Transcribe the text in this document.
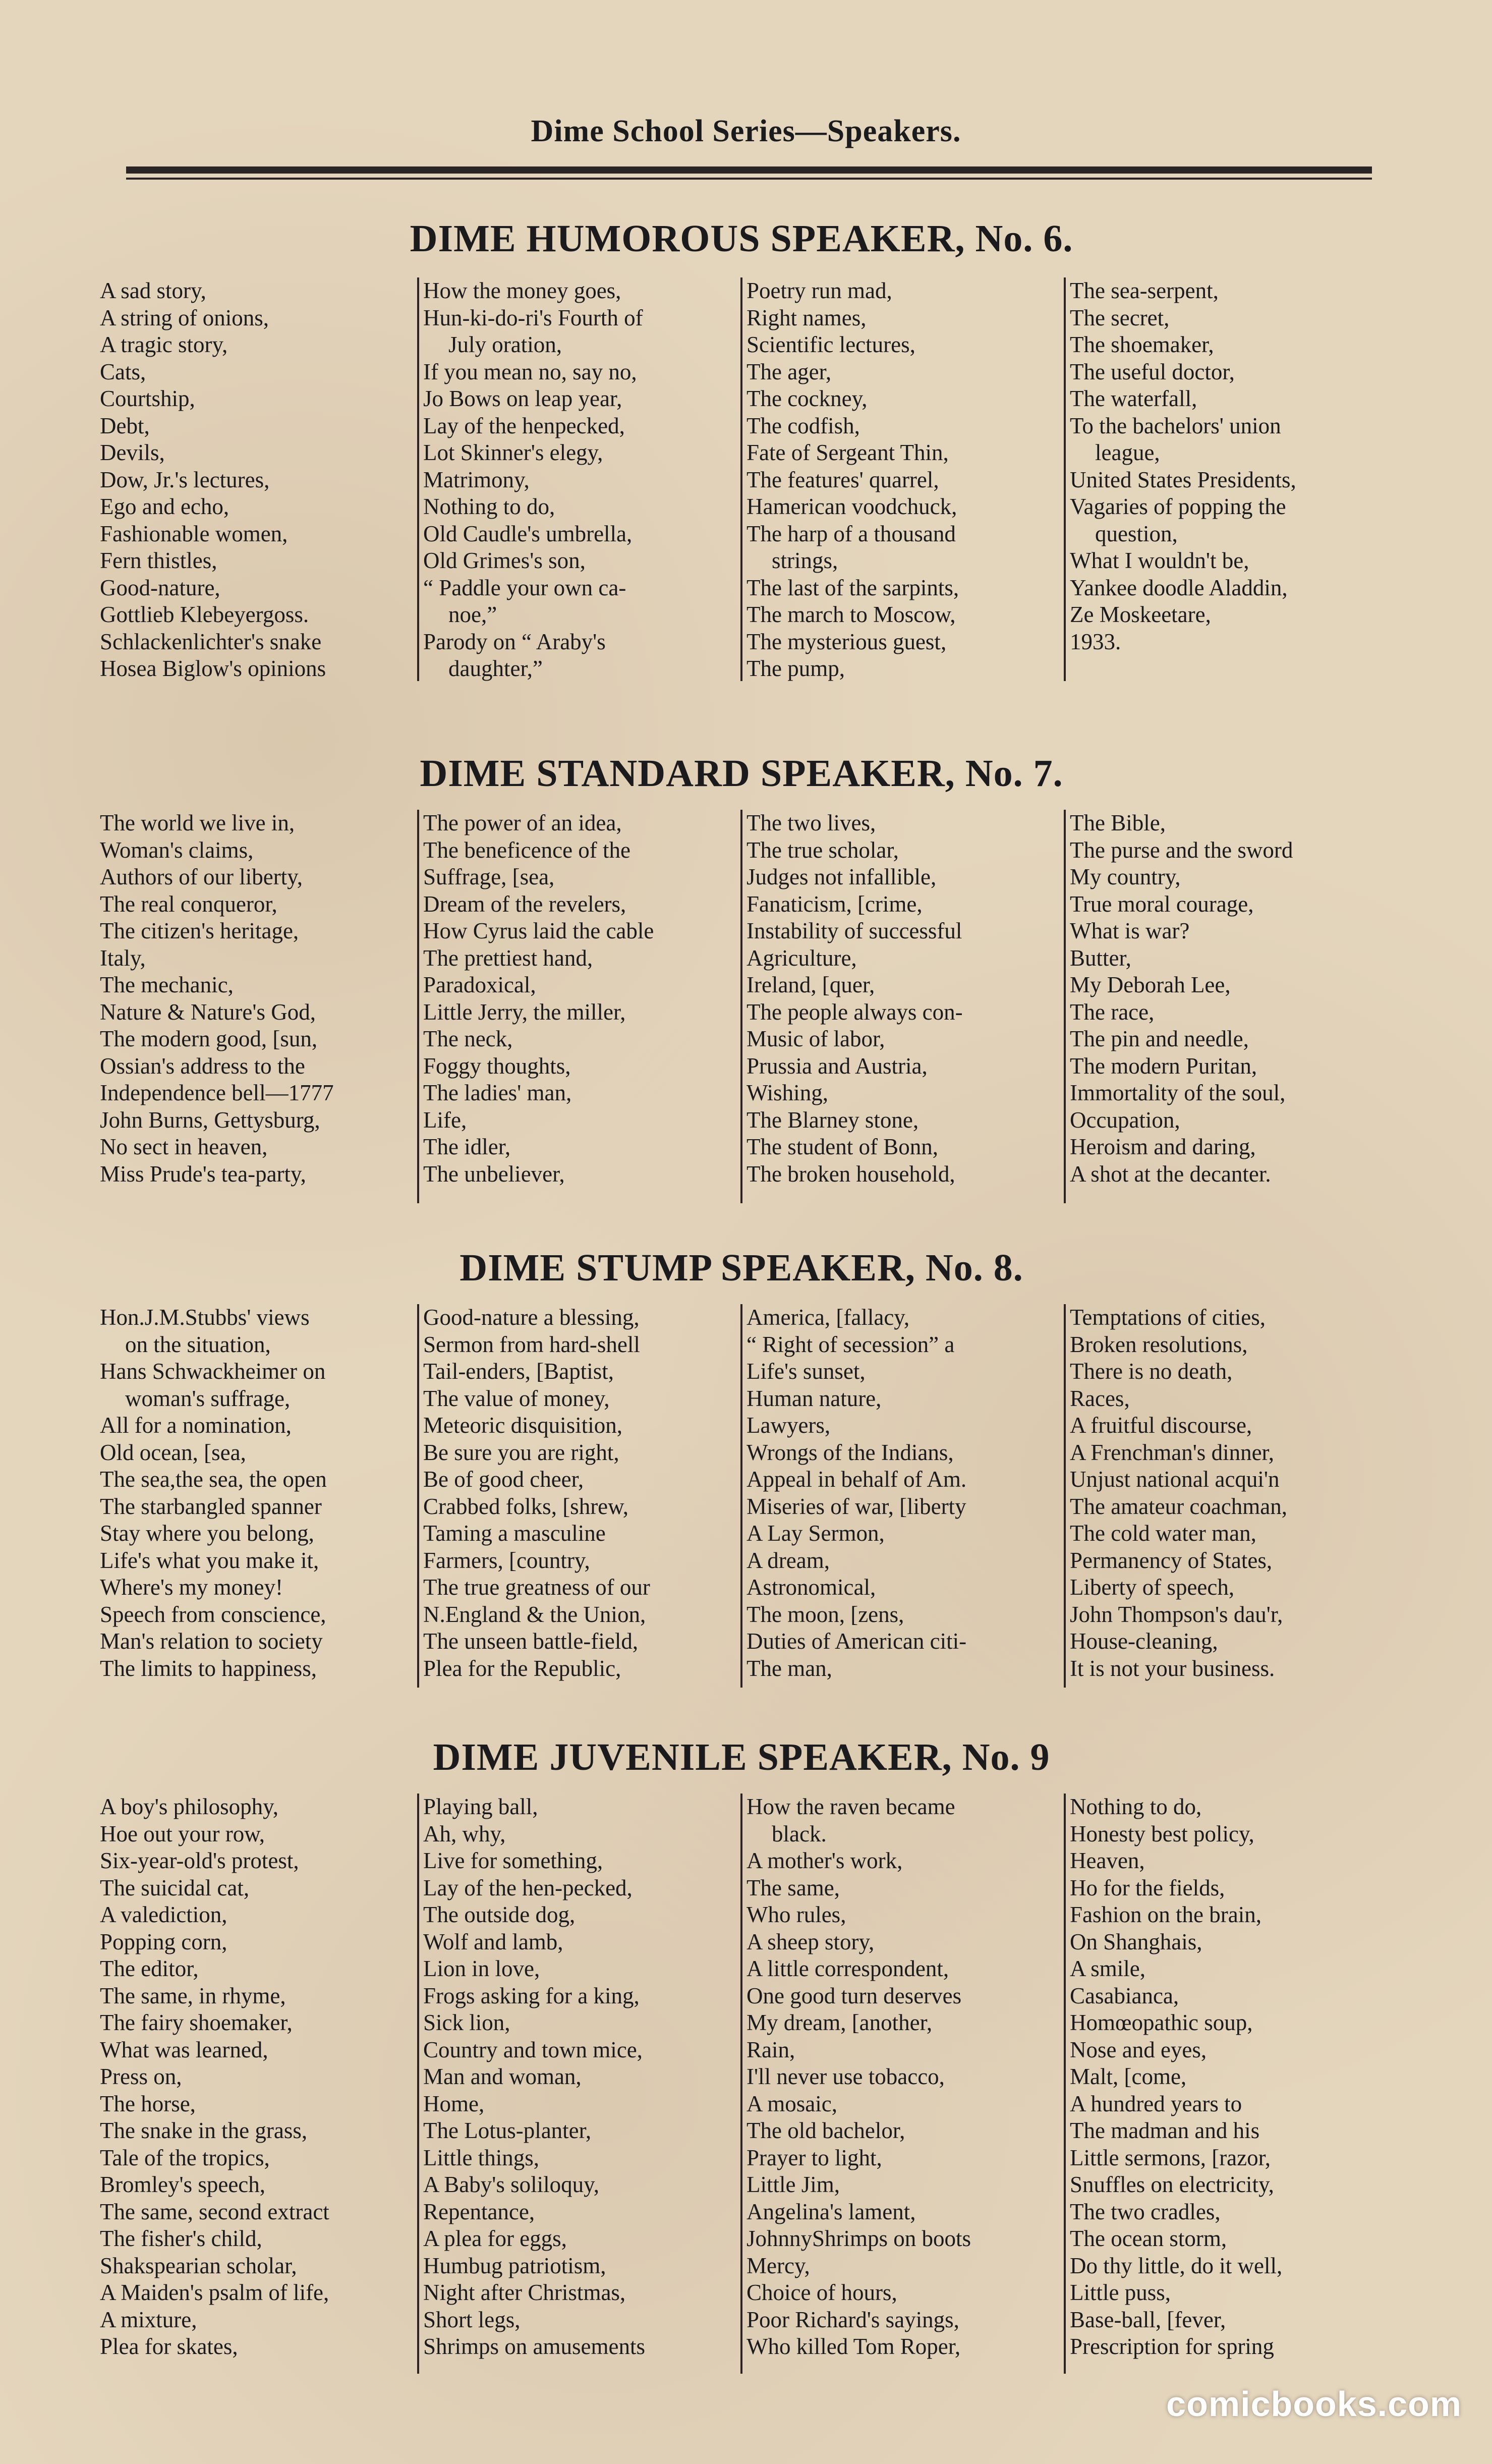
Dime School Series—Speakers.
DIME HUMOROUS SPEAKER, No. 6.
A sad story,
A string of onions,
A tragic story,
Cats,
Courtship,
Debt,
Devils,
Dow, Jr.'s lectures,
Ego and echo,
Fashionable women,
Fern thistles,
Good-nature,
Gottlieb Klebeyergoss.
Schlackenlichter's snake
Hosea Biglow's opinions
How the money goes,
Hun-ki-do-ri's Fourth of
July oration,
If you mean no, say no,
Jo Bows on leap year,
Lay of the henpecked,
Lot Skinner's elegy,
Matrimony,
Nothing to do,
Old Caudle's umbrella,
Old Grimes's son,
“ Paddle your own ca-
noe,”
Parody on “ Araby's
daughter,”
Poetry run mad,
Right names,
Scientific lectures,
The ager,
The cockney,
The codfish,
Fate of Sergeant Thin,
The features' quarrel,
Hamerican voodchuck,
The harp of a thousand
strings,
The last of the sarpints,
The march to Moscow,
The mysterious guest,
The pump,
The sea-serpent,
The secret,
The shoemaker,
The useful doctor,
The waterfall,
To the bachelors' union
league,
United States Presidents,
Vagaries of popping the
question,
What I wouldn't be,
Yankee doodle Aladdin,
Ze Moskeetare,
1933.
DIME STANDARD SPEAKER, No. 7.
The world we live in,
Woman's claims,
Authors of our liberty,
The real conqueror,
The citizen's heritage,
Italy,
The mechanic,
Nature & Nature's God,
The modern good, [sun,
Ossian's address to the
Independence bell—1777
John Burns, Gettysburg,
No sect in heaven,
Miss Prude's tea-party,
The power of an idea,
The beneficence of the
Suffrage, [sea,
Dream of the revelers,
How Cyrus laid the cable
The prettiest hand,
Paradoxical,
Little Jerry, the miller,
The neck,
Foggy thoughts,
The ladies' man,
Life,
The idler,
The unbeliever,
The two lives,
The true scholar,
Judges not infallible,
Fanaticism, [crime,
Instability of successful
Agriculture,
Ireland, [quer,
The people always con-
Music of labor,
Prussia and Austria,
Wishing,
The Blarney stone,
The student of Bonn,
The broken household,
The Bible,
The purse and the sword
My country,
True moral courage,
What is war?
Butter,
My Deborah Lee,
The race,
The pin and needle,
The modern Puritan,
Immortality of the soul,
Occupation,
Heroism and daring,
A shot at the decanter.
DIME STUMP SPEAKER, No. 8.
Hon.J.M.Stubbs' views
on the situation,
Hans Schwackheimer on
woman's suffrage,
All for a nomination,
Old ocean, [sea,
The sea,the sea, the open
The starbangled spanner
Stay where you belong,
Life's what you make it,
Where's my money!
Speech from conscience,
Man's relation to society
The limits to happiness,
Good-nature a blessing,
Sermon from hard-shell
Tail-enders, [Baptist,
The value of money,
Meteoric disquisition,
Be sure you are right,
Be of good cheer,
Crabbed folks, [shrew,
Taming a masculine
Farmers, [country,
The true greatness of our
N.England & the Union,
The unseen battle-field,
Plea for the Republic,
America, [fallacy,
“ Right of secession” a
Life's sunset,
Human nature,
Lawyers,
Wrongs of the Indians,
Appeal in behalf of Am.
Miseries of war, [liberty
A Lay Sermon,
A dream,
Astronomical,
The moon, [zens,
Duties of American citi-
The man,
Temptations of cities,
Broken resolutions,
There is no death,
Races,
A fruitful discourse,
A Frenchman's dinner,
Unjust national acqui'n
The amateur coachman,
The cold water man,
Permanency of States,
Liberty of speech,
John Thompson's dau'r,
House-cleaning,
It is not your business.
DIME JUVENILE SPEAKER, No. 9
A boy's philosophy,
Hoe out your row,
Six-year-old's protest,
The suicidal cat,
A valediction,
Popping corn,
The editor,
The same, in rhyme,
The fairy shoemaker,
What was learned,
Press on,
The horse,
The snake in the grass,
Tale of the tropics,
Bromley's speech,
The same, second extract
The fisher's child,
Shakspearian scholar,
A Maiden's psalm of life,
A mixture,
Plea for skates,
Playing ball,
Ah, why,
Live for something,
Lay of the hen-pecked,
The outside dog,
Wolf and lamb,
Lion in love,
Frogs asking for a king,
Sick lion,
Country and town mice,
Man and woman,
Home,
The Lotus-planter,
Little things,
A Baby's soliloquy,
Repentance,
A plea for eggs,
Humbug patriotism,
Night after Christmas,
Short legs,
Shrimps on amusements
How the raven became
black.
A mother's work,
The same,
Who rules,
A sheep story,
A little correspondent,
One good turn deserves
My dream, [another,
Rain,
I'll never use tobacco,
A mosaic,
The old bachelor,
Prayer to light,
Little Jim,
Angelina's lament,
JohnnyShrimps on boots
Mercy,
Choice of hours,
Poor Richard's sayings,
Who killed Tom Roper,
Nothing to do,
Honesty best policy,
Heaven,
Ho for the fields,
Fashion on the brain,
On Shanghais,
A smile,
Casabianca,
Homœopathic soup,
Nose and eyes,
Malt, [come,
A hundred years to
The madman and his
Little sermons, [razor,
Snuffles on electricity,
The two cradles,
The ocean storm,
Do thy little, do it well,
Little puss,
Base-ball, [fever,
Prescription for spring
comicbooks.com
